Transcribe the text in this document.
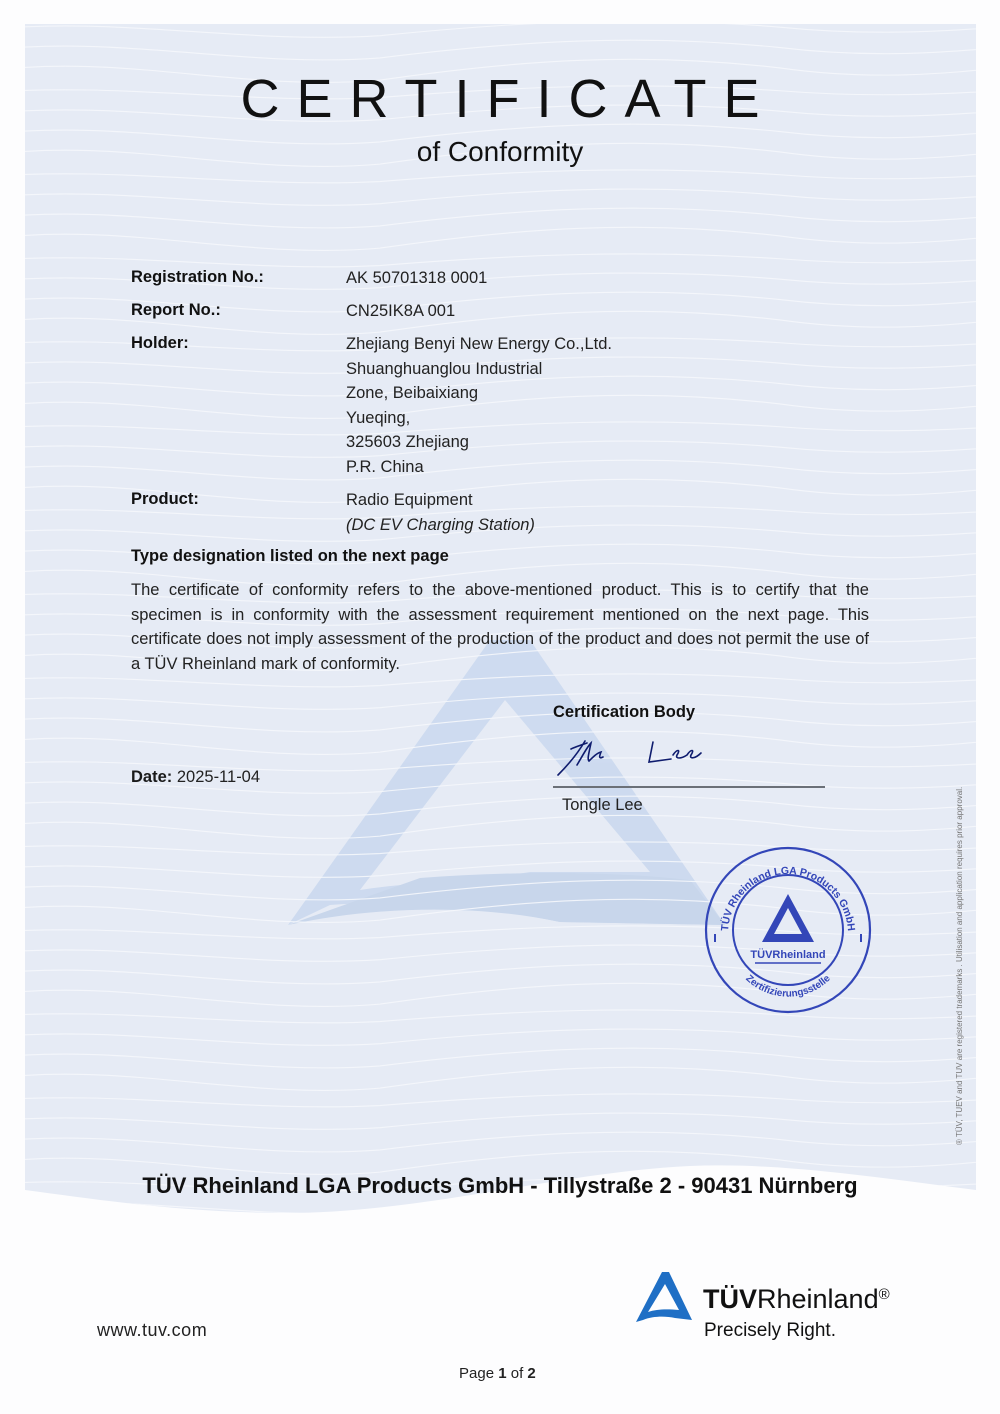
CERTIFICATE
of Conformity
Registration No.:	AK 50701318 0001
Report No.:	CN25IK8A 001
Holder:	Zhejiang Benyi New Energy Co.,Ltd.
Shuanghuanglou Industrial
Zone, Beibaixiang
Yueqing,
325603 Zhejiang
P.R. China
Product:	Radio Equipment
(DC EV Charging Station)
Type designation listed on the next page
The certificate of conformity refers to the above-mentioned product. This is to certify that the specimen is in conformity with the assessment requirement mentioned on the next page. This certificate does not imply assessment of the production of the product and does not permit the use of a TÜV Rheinland mark of conformity.
Certification Body
Tongle Lee
Date: 2025-11-04
TÜV Rheinland LGA Products GmbH
TÜVRheinland
Zertifizierungsstelle	® TÜV, TUEV and TUV are registered trademarks . Utilisation and application requires prior approval.
TÜV Rheinland LGA Products GmbH - Tillystraße 2 - 90431 Nürnberg
www.tuv.com
TÜVRheinland®
Precisely Right.
Page 1 of 2
